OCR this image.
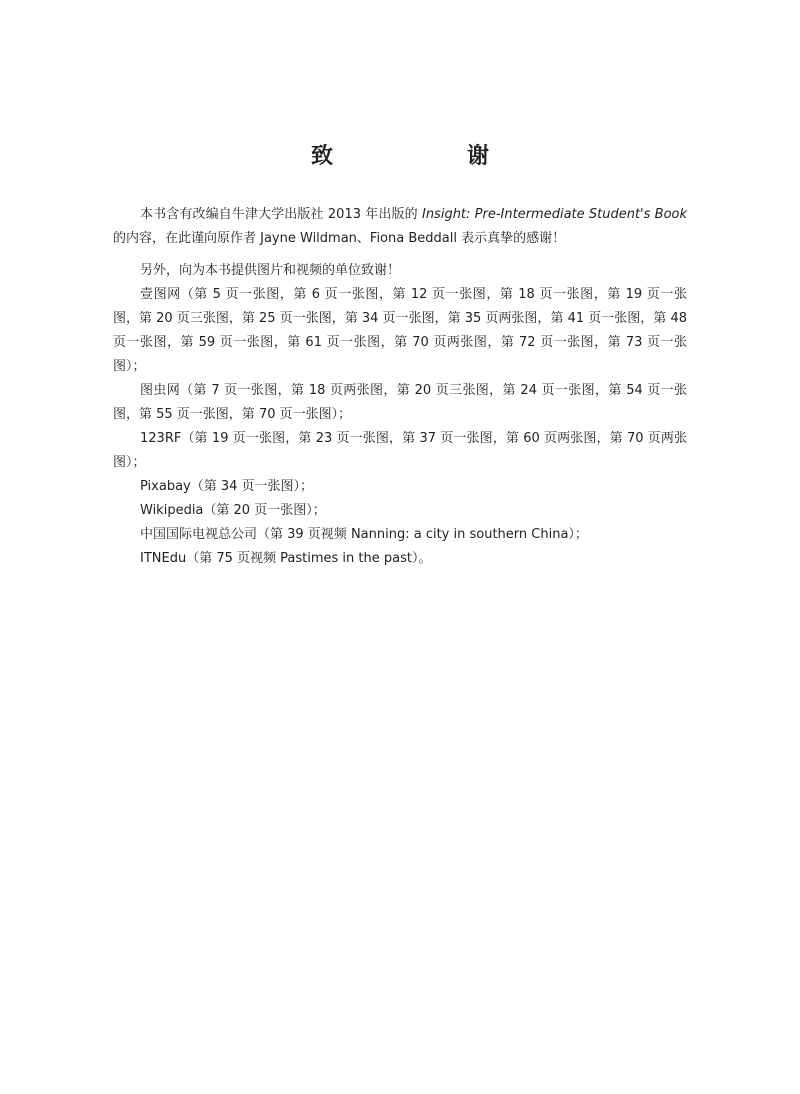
致　　谢

本书含有改编自牛津大学出版社 2013 年出版的 Insight: Pre-Intermediate Student's Book 的内容，在此谨向原作者 Jayne Wildman、Fiona Beddall 表示真挚的感谢！

另外，向为本书提供图片和视频的单位致谢！

壹图网（第 5 页一张图，第 6 页一张图，第 12 页一张图，第 18 页一张图，第 19 页一张图，第 20 页三张图，第 25 页一张图，第 34 页一张图，第 35 页两张图，第 41 页一张图，第 48 页一张图，第 59 页一张图，第 61 页一张图，第 70 页两张图，第 72 页一张图，第 73 页一张图）；

图虫网（第 7 页一张图，第 18 页两张图，第 20 页三张图，第 24 页一张图，第 54 页一张图，第 55 页一张图，第 70 页一张图）；

123RF（第 19 页一张图，第 23 页一张图，第 37 页一张图，第 60 页两张图，第 70 页两张图）；

Pixabay（第 34 页一张图）；

Wikipedia（第 20 页一张图）；

中国国际电视总公司（第 39 页视频 Nanning: a city in southern China）；

ITNEdu（第 75 页视频 Pastimes in the past）。
